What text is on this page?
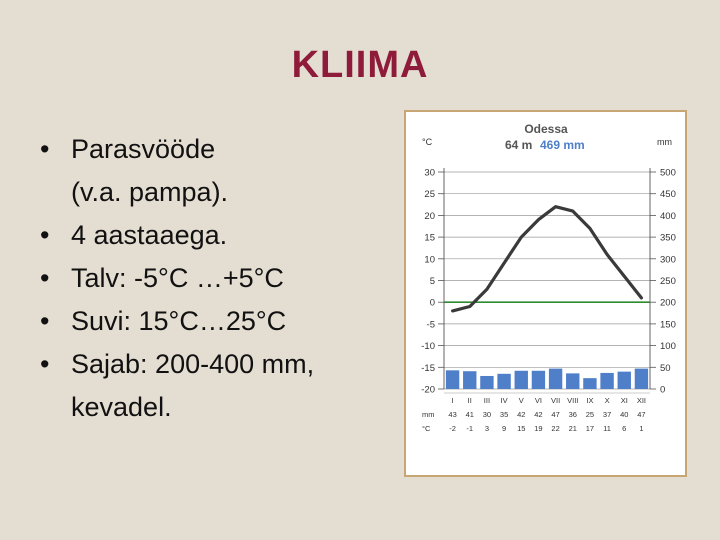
KLIIMA
• Parasvööde
(v.a. pampa).
• 4 aastaaega.
• Talv: -5°C …+5°C
• Suvi: 15°C…25°C
• Sajab: 200-400 mm,
kevadel.
Odessa
64 m 469 mm
°C	mm
30
25
20
15
10
5
0
-5
-10
-15
-20
500
450
400
350
300
250
200
150
100
50
0
I
43
-2
II
41
-1
III
30
3
IV
35
9
V
42
15
VI
42
19
VII
47
22
VIII
36
21
IX
25
17
X
37
11
XI
40
6
XII
47
1
mm
°C
